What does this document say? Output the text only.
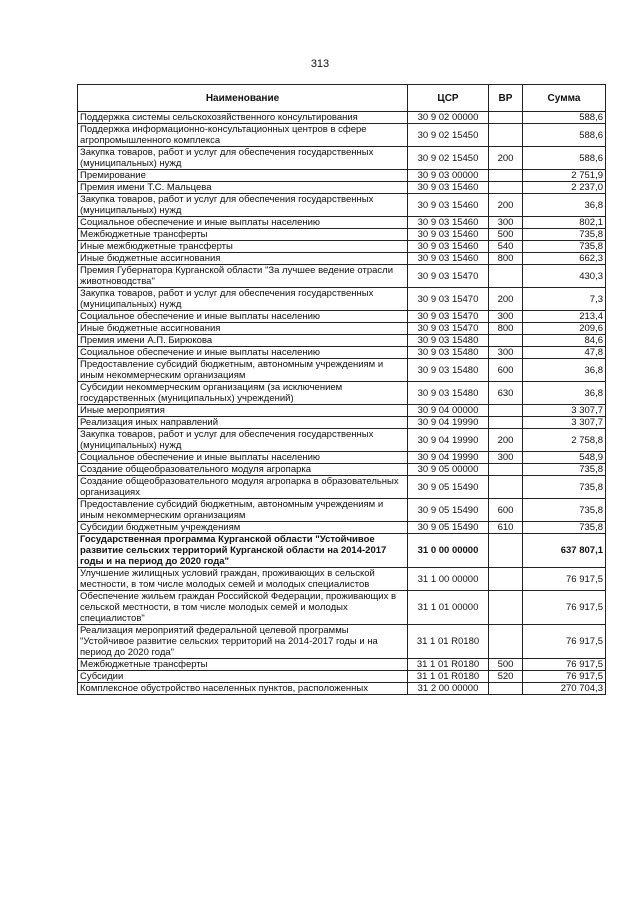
313
Наименование	ЦСР	ВР	Сумма
Поддержка системы сельскохозяйственного консультирования	30 9 02 00000		588,6
Поддержка информационно-консультационных центров в сфере агропромышленного комплекса	30 9 02 15450		588,6
Закупка товаров, работ и услуг для обеспечения государственных (муниципальных) нужд	30 9 02 15450	200	588,6
Премирование	30 9 03 00000		2 751,9
Премия имени Т.С. Мальцева	30 9 03 15460		2 237,0
Закупка товаров, работ и услуг для обеспечения государственных (муниципальных) нужд	30 9 03 15460	200	36,8
Социальное обеспечение и иные выплаты населению	30 9 03 15460	300	802,1
Межбюджетные трансферты	30 9 03 15460	500	735,8
Иные межбюджетные трансферты	30 9 03 15460	540	735,8
Иные бюджетные ассигнования	30 9 03 15460	800	662,3
Премия Губернатора Курганской области "За лучшее ведение отрасли животноводства"	30 9 03 15470		430,3
Закупка товаров, работ и услуг для обеспечения государственных (муниципальных) нужд	30 9 03 15470	200	7,3
Социальное обеспечение и иные выплаты населению	30 9 03 15470	300	213,4
Иные бюджетные ассигнования	30 9 03 15470	800	209,6
Премия имени А.П. Бирюкова	30 9 03 15480		84,6
Социальное обеспечение и иные выплаты населению	30 9 03 15480	300	47,8
Предоставление субсидий бюджетным, автономным учреждениям и иным некоммерческим организациям	30 9 03 15480	600	36,8
Субсидии некоммерческим организациям (за исключением государственных (муниципальных) учреждений)	30 9 03 15480	630	36,8
Иные мероприятия	30 9 04 00000		3 307,7
Реализация иных направлений	30 9 04 19990		3 307,7
Закупка товаров, работ и услуг для обеспечения государственных (муниципальных) нужд	30 9 04 19990	200	2 758,8
Социальное обеспечение и иные выплаты населению	30 9 04 19990	300	548,9
Создание общеобразовательного модуля агропарка	30 9 05 00000		735,8
Создание общеобразовательного модуля агропарка в образовательных организациях	30 9 05 15490		735,8
Предоставление субсидий бюджетным, автономным учреждениям и иным некоммерческим организациям	30 9 05 15490	600	735,8
Субсидии бюджетным учреждениям	30 9 05 15490	610	735,8
Государственная программа Курганской области "Устойчивое развитие сельских территорий Курганской области на 2014-2017 годы и на период до 2020 года"	31 0 00 00000		637 807,1
Улучшение жилищных условий граждан, проживающих в сельской местности, в том числе молодых семей и молодых специалистов	31 1 00 00000		76 917,5
Обеспечение жильем граждан Российской Федерации, проживающих в сельской местности, в том числе молодых семей и молодых специалистов"	31 1 01 00000		76 917,5
Реализация мероприятий федеральной целевой программы "Устойчивое развитие сельских территорий на 2014-2017 годы и на период до 2020 года"	31 1 01 R0180		76 917,5
Межбюджетные трансферты	31 1 01 R0180	500	76 917,5
Субсидии	31 1 01 R0180	520	76 917,5
Комплексное обустройство населенных пунктов, расположенных	31 2 00 00000		270 704,3
